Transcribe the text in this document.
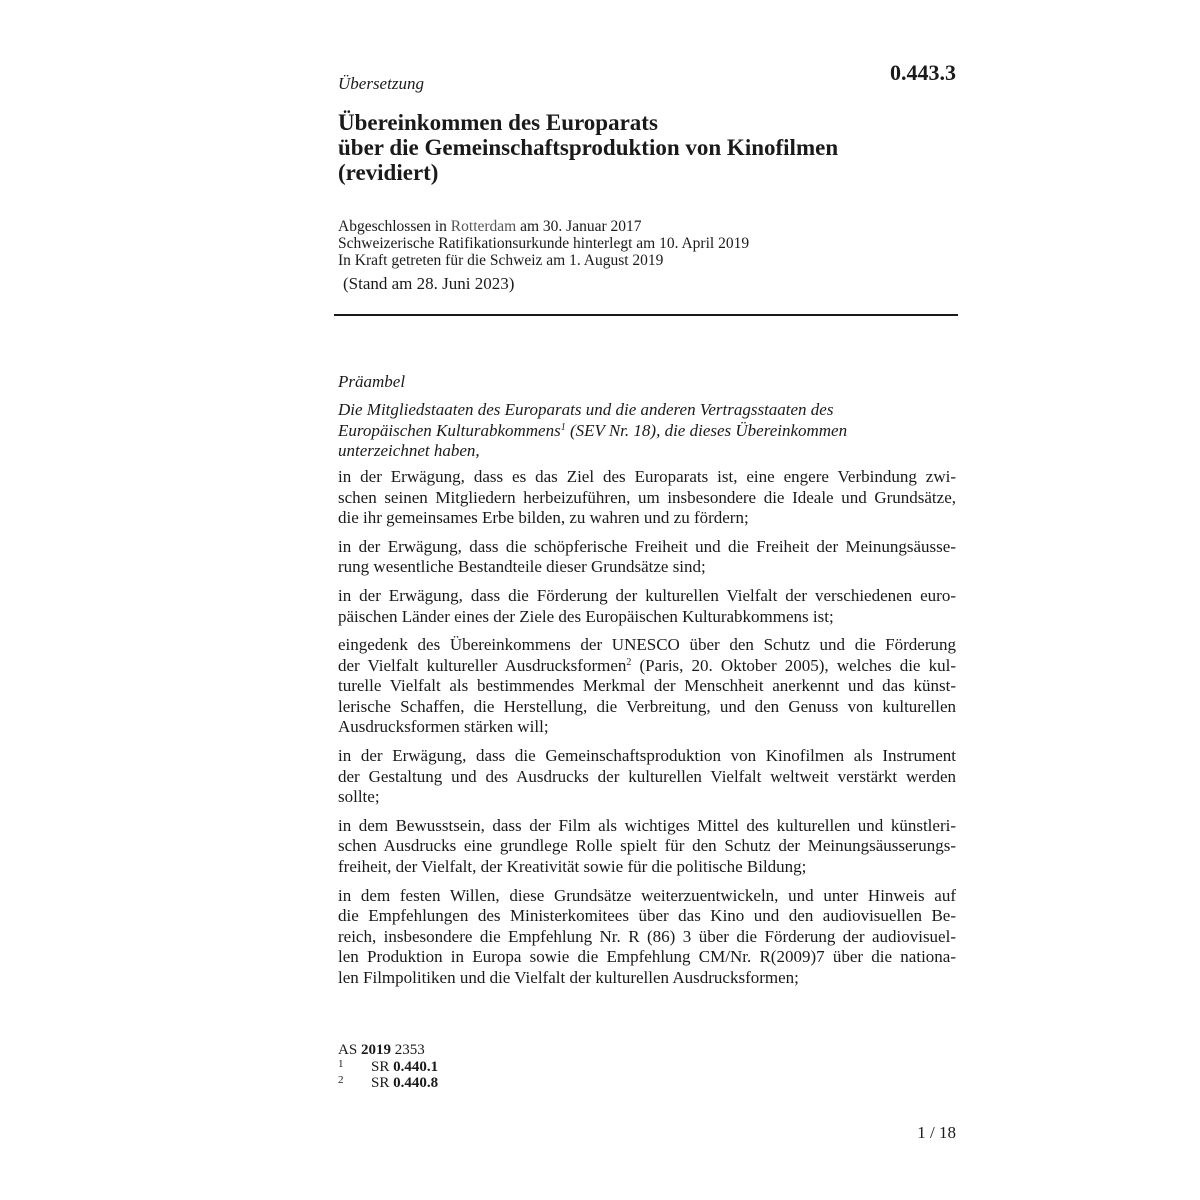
Übersetzung	0.443.3
Übereinkommen des Europarats
über die Gemeinschaftsproduktion von Kinofilmen
(revidiert)
Abgeschlossen in Rotterdam am 30. Januar 2017
Schweizerische Ratifikationsurkunde hinterlegt am 10. April 2019
In Kraft getreten für die Schweiz am 1. August 2019
(Stand am 28. Juni 2023)
Präambel
Die Mitgliedstaaten des Europarats und die anderen Vertragsstaaten des
Europäischen Kulturabkommens$^1$ (SEV Nr. 18), die dieses Übereinkommen
unterzeichnet haben,
in der Erwägung, dass es das Ziel des Europarats ist, eine engere Verbindung zwi-
schen seinen Mitgliedern herbeizuführen, um insbesondere die Ideale und Grundsätze,
die ihr gemeinsames Erbe bilden, zu wahren und zu fördern;
in der Erwägung, dass die schöpferische Freiheit und die Freiheit der Meinungsäusse-
rung wesentliche Bestandteile dieser Grundsätze sind;
in der Erwägung, dass die Förderung der kulturellen Vielfalt der verschiedenen euro-
päischen Länder eines der Ziele des Europäischen Kulturabkommens ist;
eingedenk des Übereinkommens der UNESCO über den Schutz und die Förderung
der Vielfalt kultureller Ausdrucksformen$^2$ (Paris, 20. Oktober 2005), welches die kul-
turelle Vielfalt als bestimmendes Merkmal der Menschheit anerkennt und das künst-
lerische Schaffen, die Herstellung, die Verbreitung, und den Genuss von kulturellen
Ausdrucksformen stärken will;
in der Erwägung, dass die Gemeinschaftsproduktion von Kinofilmen als Instrument
der Gestaltung und des Ausdrucks der kulturellen Vielfalt weltweit verstärkt werden
sollte;
in dem Bewusstsein, dass der Film als wichtiges Mittel des kulturellen und künstleri-
schen Ausdrucks eine grundlege Rolle spielt für den Schutz der Meinungsäusserungs-
freiheit, der Vielfalt, der Kreativität sowie für die politische Bildung;
in dem festen Willen, diese Grundsätze weiterzuentwickeln, und unter Hinweis auf
die Empfehlungen des Ministerkomitees über das Kino und den audiovisuellen Be-
reich, insbesondere die Empfehlung Nr. R (86) 3 über die Förderung der audiovisuel-
len Produktion in Europa sowie die Empfehlung CM/Nr. R(2009)7 über die nationa-
len Filmpolitiken und die Vielfalt der kulturellen Ausdrucksformen;
AS 2019 2353
1 SR 0.440.1
2 SR 0.440.8
1 / 18
